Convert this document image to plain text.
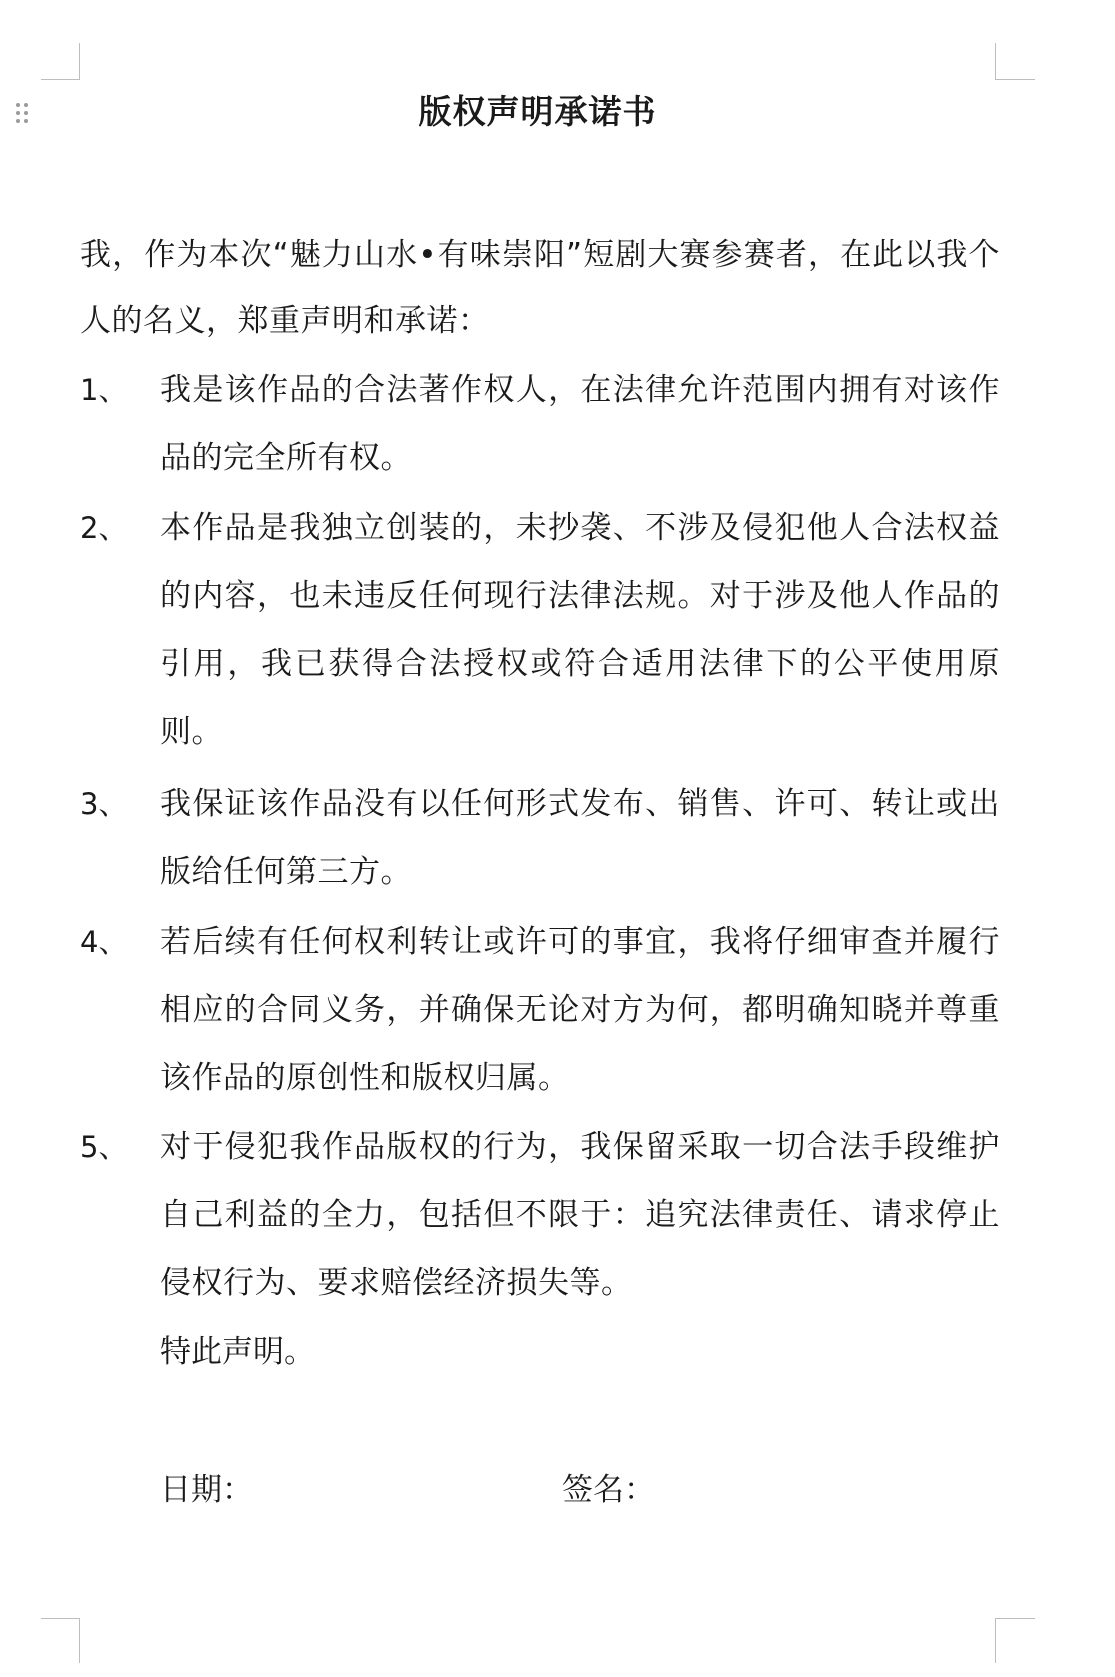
版权声明承诺书
我，作为本次“魅力山水•有味崇阳”短剧大赛参赛者，在此以我个人的名义，郑重声明和承诺：
1、 我是该作品的合法著作权人，在法律允许范围内拥有对该作品的完全所有权。
2、 本作品是我独立创装的，未抄袭、不涉及侵犯他人合法权益的内容，也未违反任何现行法律法规。对于涉及他人作品的引用，我已获得合法授权或符合适用法律下的公平使用原则。
3、 我保证该作品没有以任何形式发布、销售、许可、转让或出版给任何第三方。
4、 若后续有任何权利转让或许可的事宜，我将仔细审查并履行相应的合同义务，并确保无论对方为何，都明确知晓并尊重该作品的原创性和版权归属。
5、 对于侵犯我作品版权的行为，我保留采取一切合法手段维护自己利益的全力，包括但不限于：追究法律责任、请求停止侵权行为、要求赔偿经济损失等。
特此声明。
日期：	签名：
